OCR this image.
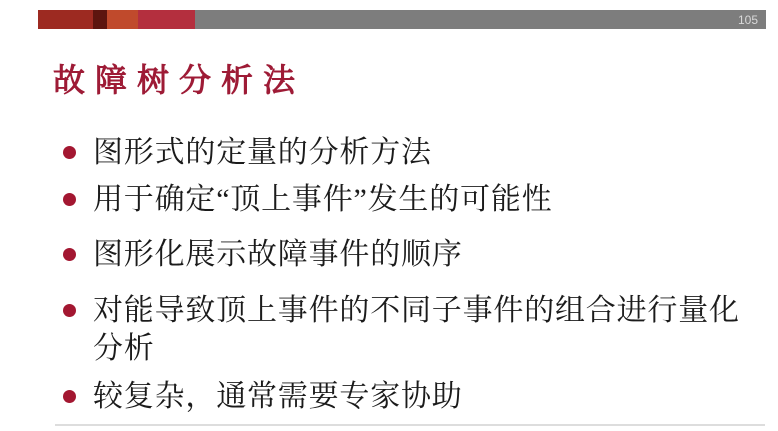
105
故障树分析法
图形式的定量的分析方法
用于确定“顶上事件”发生的可能性
图形化展示故障事件的顺序
对能导致顶上事件的不同子事件的组合进行量化分析
较复杂，通常需要专家协助
